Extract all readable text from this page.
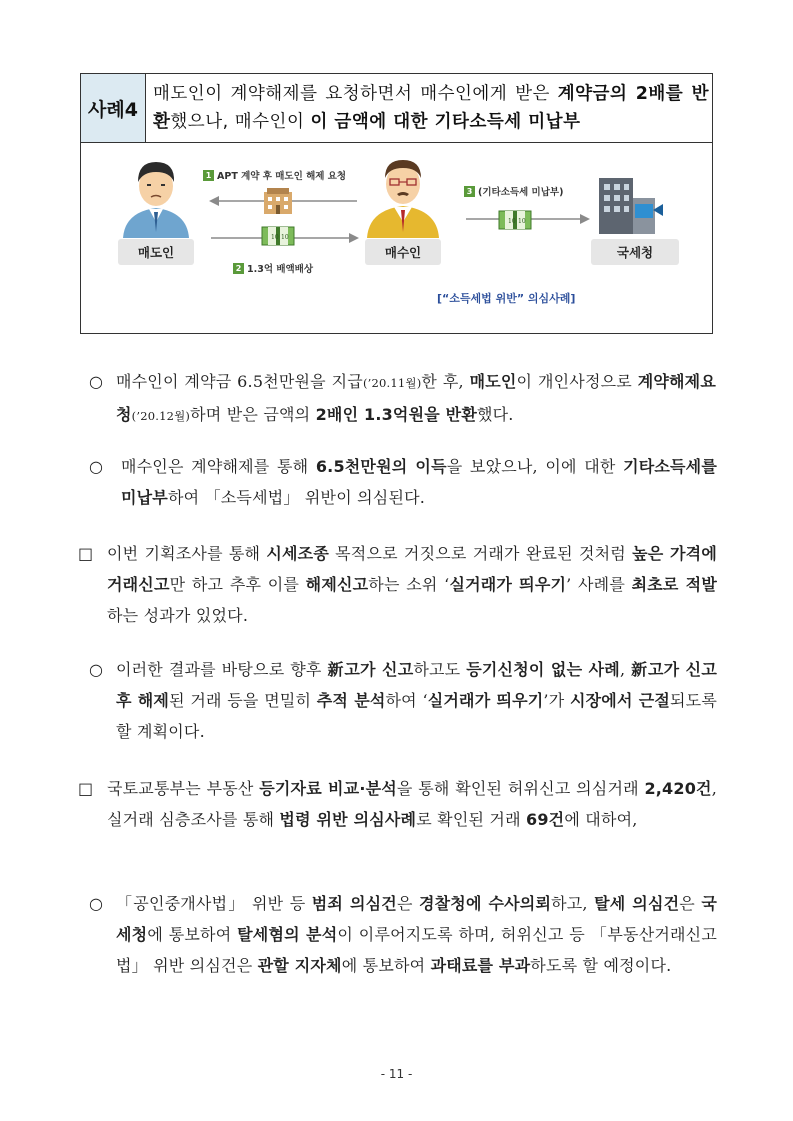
사례4
매도인이 계약해제를 요청하면서 매수인에게 받은 계약금의 2배를 반환했으나, 매수인이 이 금액에 대한 기타소득세 미납부
매도인
1 APT 계약 후 매도인 해제 요청
10 10
2 1.3억 배액배상
매수인
3 (기타소득세 미납부)
10 10
국세청
[“소득세법 위반” 의심사례]
○ 매수인이 계약금 6.5천만원을 지급(’20.11월)한 후, 매도인이 개인사정으로 계약해제요청(’20.12월)하며 받은 금액의 2배인 1.3억원을 반환했다.
○ 매수인은 계약해제를 통해 6.5천만원의 이득을 보았으나, 이에 대한 기타소득세를 미납부하여 「소득세법」 위반이 의심된다.
□ 이번 기획조사를 통해 시세조종 목적으로 거짓으로 거래가 완료된 것처럼 높은 가격에 거래신고만 하고 추후 이를 해제신고하는 소위 ‘실거래가 띄우기’ 사례를 최초로 적발하는 성과가 있었다.
○ 이러한 결과를 바탕으로 향후 新고가 신고하고도 등기신청이 없는 사례, 新고가 신고 후 해제된 거래 등을 면밀히 추적 분석하여 ‘실거래가 띄우기’가 시장에서 근절되도록 할 계획이다.
□ 국토교통부는 부동산 등기자료 비교·분석을 통해 확인된 허위신고 의심거래 2,420건, 실거래 심층조사를 통해 법령 위반 의심사례로 확인된 거래 69건에 대하여,
○ 「공인중개사법」 위반 등 범죄 의심건은 경찰청에 수사의뢰하고, 탈세 의심건은 국세청에 통보하여 탈세혐의 분석이 이루어지도록 하며, 허위신고 등 「부동산거래신고법」 위반 의심건은 관할 지자체에 통보하여 과태료를 부과하도록 할 예정이다.
- 11 -
